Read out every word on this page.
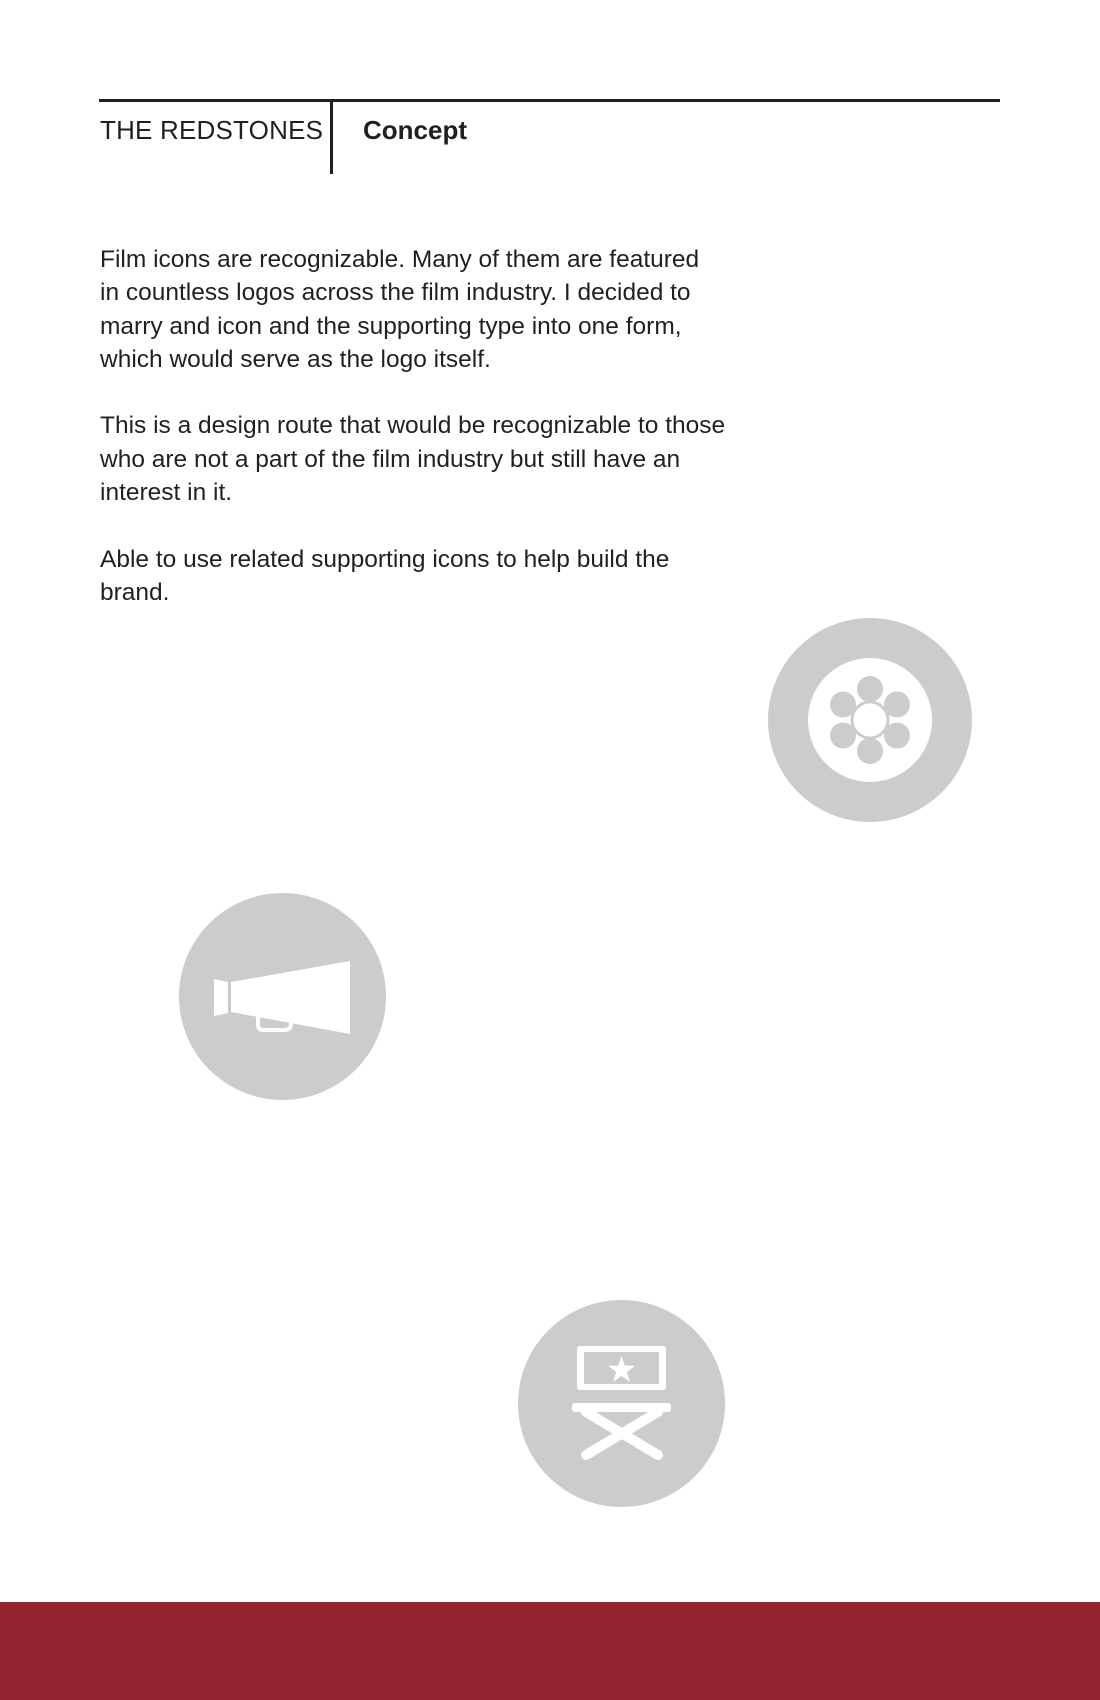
THE REDSTONES Concept

Film icons are recognizable. Many of them are featured
in countless logos across the film industry. I decided to
marry and icon and the supporting type into one form,
which would serve as the logo itself.

This is a design route that would be recognizable to those
who are not a part of the film industry but still have an
interest in it.

Able to use related supporting icons to help build the
brand.
